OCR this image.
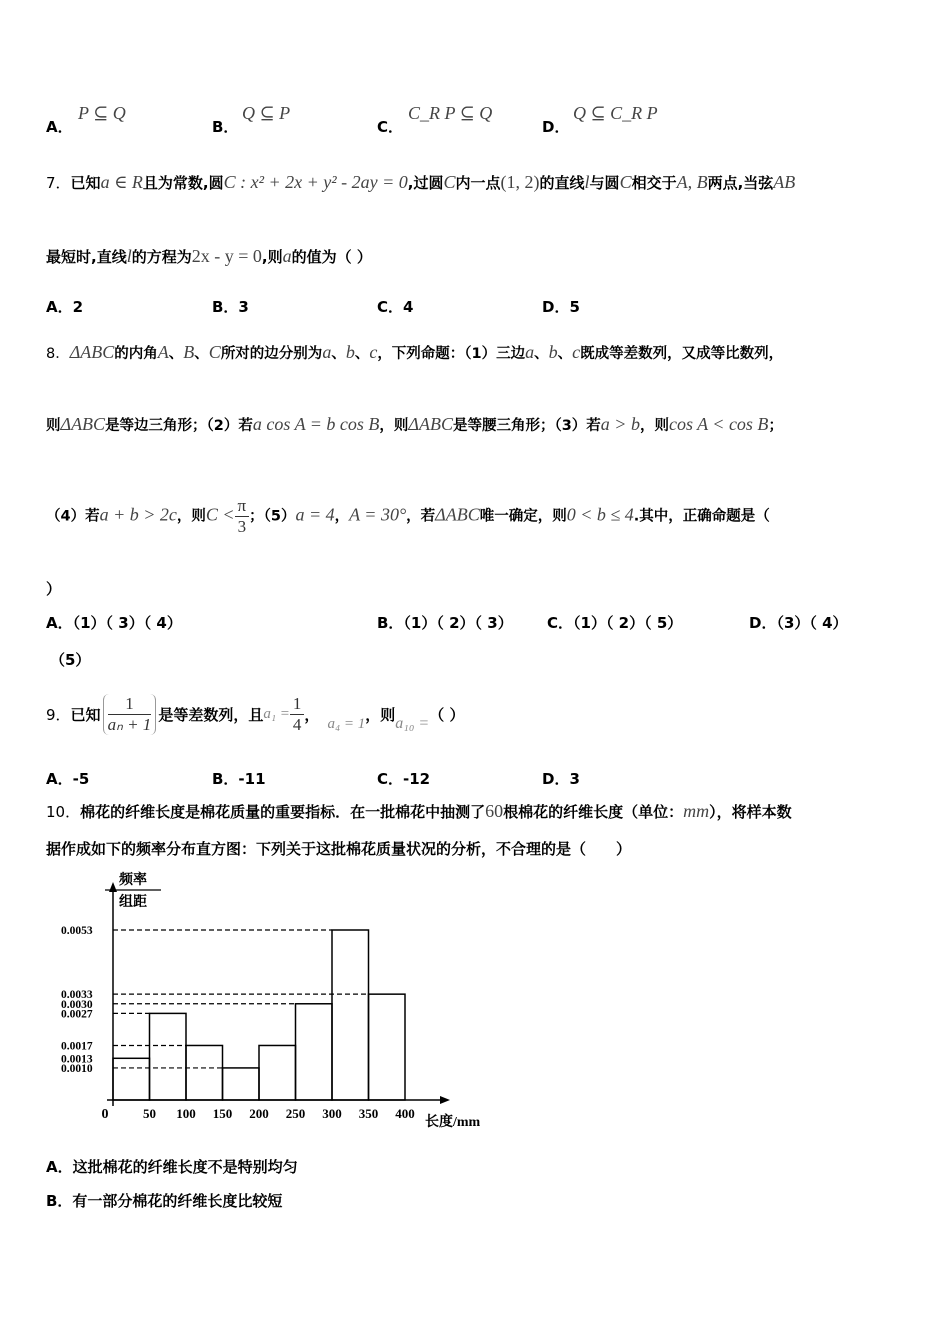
A．
P ⊆ Q
B．
Q ⊆ P
C．
C_R P ⊆ Q
D．
Q ⊆ C_R P
7．已知a ∈ R且为常数,圆C : x² + 2x + y² - 2ay = 0,过圆C内一点(1, 2)的直线l与圆C相交于A, B两点,当弦AB
最短时,直线l的方程为2x - y = 0,则a的值为（ ）
A．2	B．3	C．4	D．5
8．ΔABC的内角A、B、C所对的边分别为a、b、c，下列命题：（1）三边a、b、c既成等差数列，又成等比数列，
则ΔABC是等边三角形；（2）若a cos A = b cos B，则ΔABC是等腰三角形；（3）若a > b，则cos A < cos B；
（4）若a + b > 2c，则$C < \frac{\pi}{3}$ ；（5）a = 4，A = 30°，若ΔABC唯一确定，则0 < b ≤ 4.其中，正确命题是（
）
A．（1）（ 3）（ 4）	B．（1）（ 2）（ 3） C．（1）（ 2）（ 5）	D．（3）（ 4）
（5）
9． 已知 $\frac{1}{\text{aₙ + 1}}$ 是等差数列，且 $a_1 = \frac{1}{4}$ ， a₄ = 1 ，则 a₁₀ = （ ）
A．-5	B．-11	C．-12	D．3
10．棉花的纤维长度是棉花质量的重要指标．在一批棉花中抽测了60根棉花的纤维长度（单位：mm），将样本数
据作成如下的频率分布直方图：下列关于这批棉花质量状况的分析，不合理的是（　　）
0.0053
0.0033
0.0030
0.0027
0.0017
0.0013
0.0010
50 100 150 200 250 300 350 400
频率
组距
0
长度/mm
A．这批棉花的纤维长度不是特别均匀
B．有一部分棉花的纤维长度比较短
